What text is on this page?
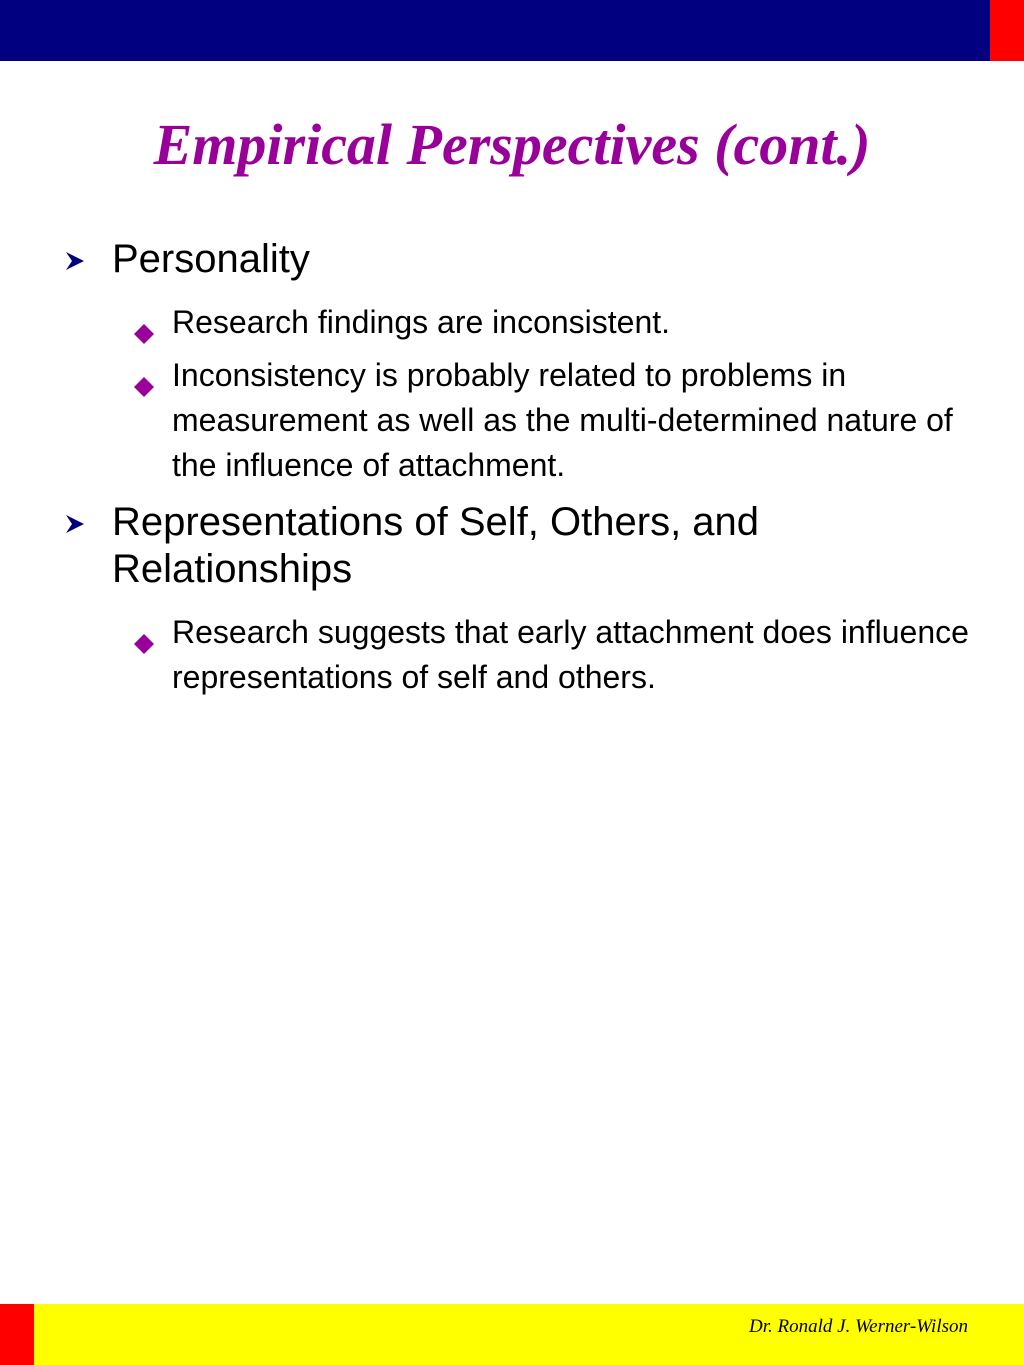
Empirical Perspectives (cont.)
Personality
Research findings are inconsistent.
Inconsistency is probably related to problems in measurement as well as the multi-determined nature of the influence of attachment.
Representations of Self, Others, and Relationships
Research suggests that early attachment does influence representations of self and others.
Dr. Ronald J. Werner-Wilson
